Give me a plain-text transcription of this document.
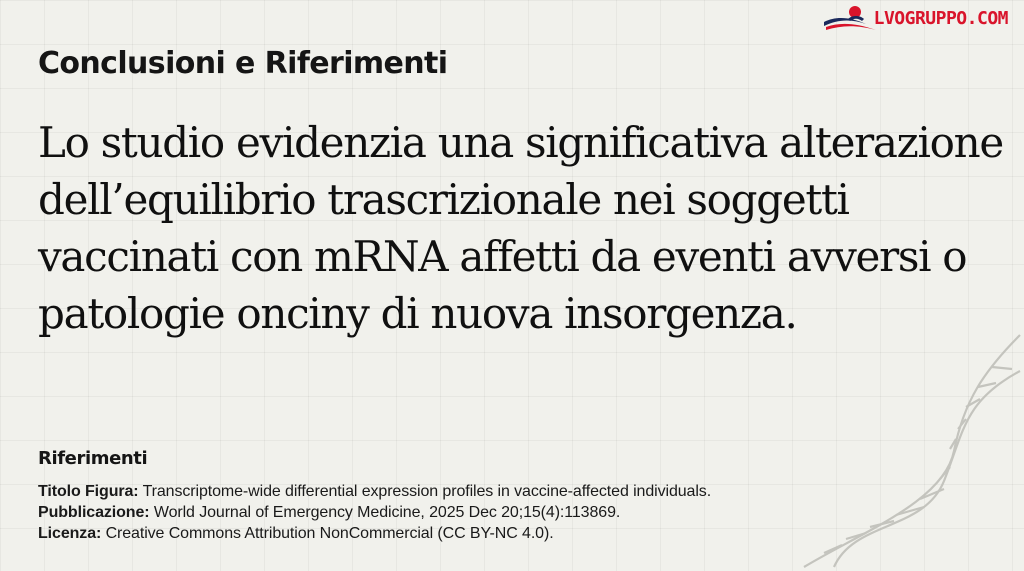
LVOGRUPPO.COM
Conclusioni e Riferimenti

Lo studio evidenzia una significativa alterazione dell’equilibrio trascrizionale nei soggetti vaccinati con mRNA affetti da eventi avversi o patologie onciny di nuova insorgenza.

Riferimenti
Titolo Figura: Transcriptome-wide differential expression profiles in vaccine-affected individuals.
Pubblicazione: World Journal of Emergency Medicine, 2025 Dec 20;15(4):113869.
Licenza: Creative Commons Attribution NonCommercial (CC BY-NC 4.0).
